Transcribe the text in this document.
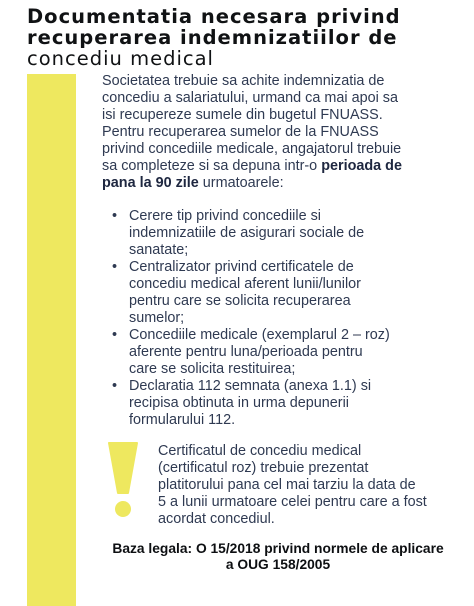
Documentatia necesara privind
recuperarea indemnizatiilor de
concediu medical
Societatea trebuie sa achite indemnizatia de
concediu a salariatului, urmand ca mai apoi sa
isi recupereze sumele din bugetul FNUASS.
Pentru recuperarea sumelor de la FNUASS
privind concediile medicale, angajatorul trebuie
sa completeze si sa depuna intr-o perioada de
pana la 90 zile urmatoarele:
• Cerere tip privind concediile si
indemnizatiile de asigurari sociale de
sanatate;
• Centralizator privind certificatele de
concediu medical aferent lunii/lunilor
pentru care se solicita recuperarea
sumelor;
• Concediile medicale (exemplarul 2 – roz)
aferente pentru luna/perioada pentru
care se solicita restituirea;
• Declaratia 112 semnata (anexa 1.1) si
recipisa obtinuta in urma depunerii
formularului 112.
Certificatul de concediu medical
(certificatul roz) trebuie prezentat
platitorului pana cel mai tarziu la data de
5 a lunii urmatoare celei pentru care a fost
acordat concediul.
Baza legala: O 15/2018 privind normele de aplicare
a OUG 158/2005
